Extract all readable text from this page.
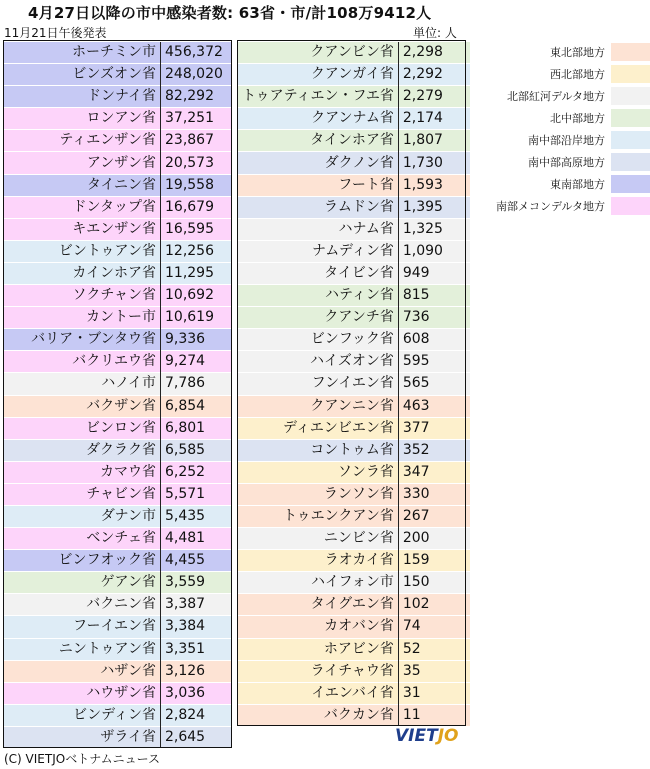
4月27日以降の市中感染者数: 63省・市/計108万9412人
11月21日午後発表	単位: 人
ホーチミン市	456,372
ビンズオン省	248,020
ドンナイ省	82,292
ロンアン省	37,251
ティエンザン省	23,867
アンザン省	20,573
タイニン省	19,558
ドンタップ省	16,679
キエンザン省	16,595
ビントゥアン省	12,256
カインホア省	11,295
ソクチャン省	10,692
カントー市	10,619
バリア・ブンタウ省	9,336
バクリエウ省	9,274
ハノイ市	7,786
バクザン省	6,854
ビンロン省	6,801
ダクラク省	6,585
カマウ省	6,252
チャビン省	5,571
ダナン市	5,435
ベンチェ省	4,481
ビンフオック省	4,455
ゲアン省	3,559
バクニン省	3,387
フーイエン省	3,384
ニントゥアン省	3,351
ハザン省	3,126
ハウザン省	3,036
ビンディン省	2,824
ザライ省	2,645
クアンビン省	2,298
クアンガイ省	2,292
トゥアティエン・フエ省	2,279
クアンナム省	2,174
タインホア省	1,807
ダクノン省	1,730
フート省	1,593
ラムドン省	1,395
ハナム省	1,325
ナムディン省	1,090
タイビン省	949
ハティン省	815
クアンチ省	736
ビンフック省	608
ハイズオン省	595
フンイエン省	565
クアンニン省	463
ディエンビエン省	377
コントゥム省	352
ソンラ省	347
ランソン省	330
トゥエンクアン省	267
ニンビン省	200
ラオカイ省	159
ハイフォン市	150
タイグエン省	102
カオバン省	74
ホアビン省	52
ライチャウ省	35
イエンバイ省	31
バクカン省	11
東北部地方
西北部地方
北部紅河デルタ地方
北中部地方
南中部沿岸地方
南中部高原地方
東南部地方
南部メコンデルタ地方
VIETJO
(C) VIETJOベトナムニュース
